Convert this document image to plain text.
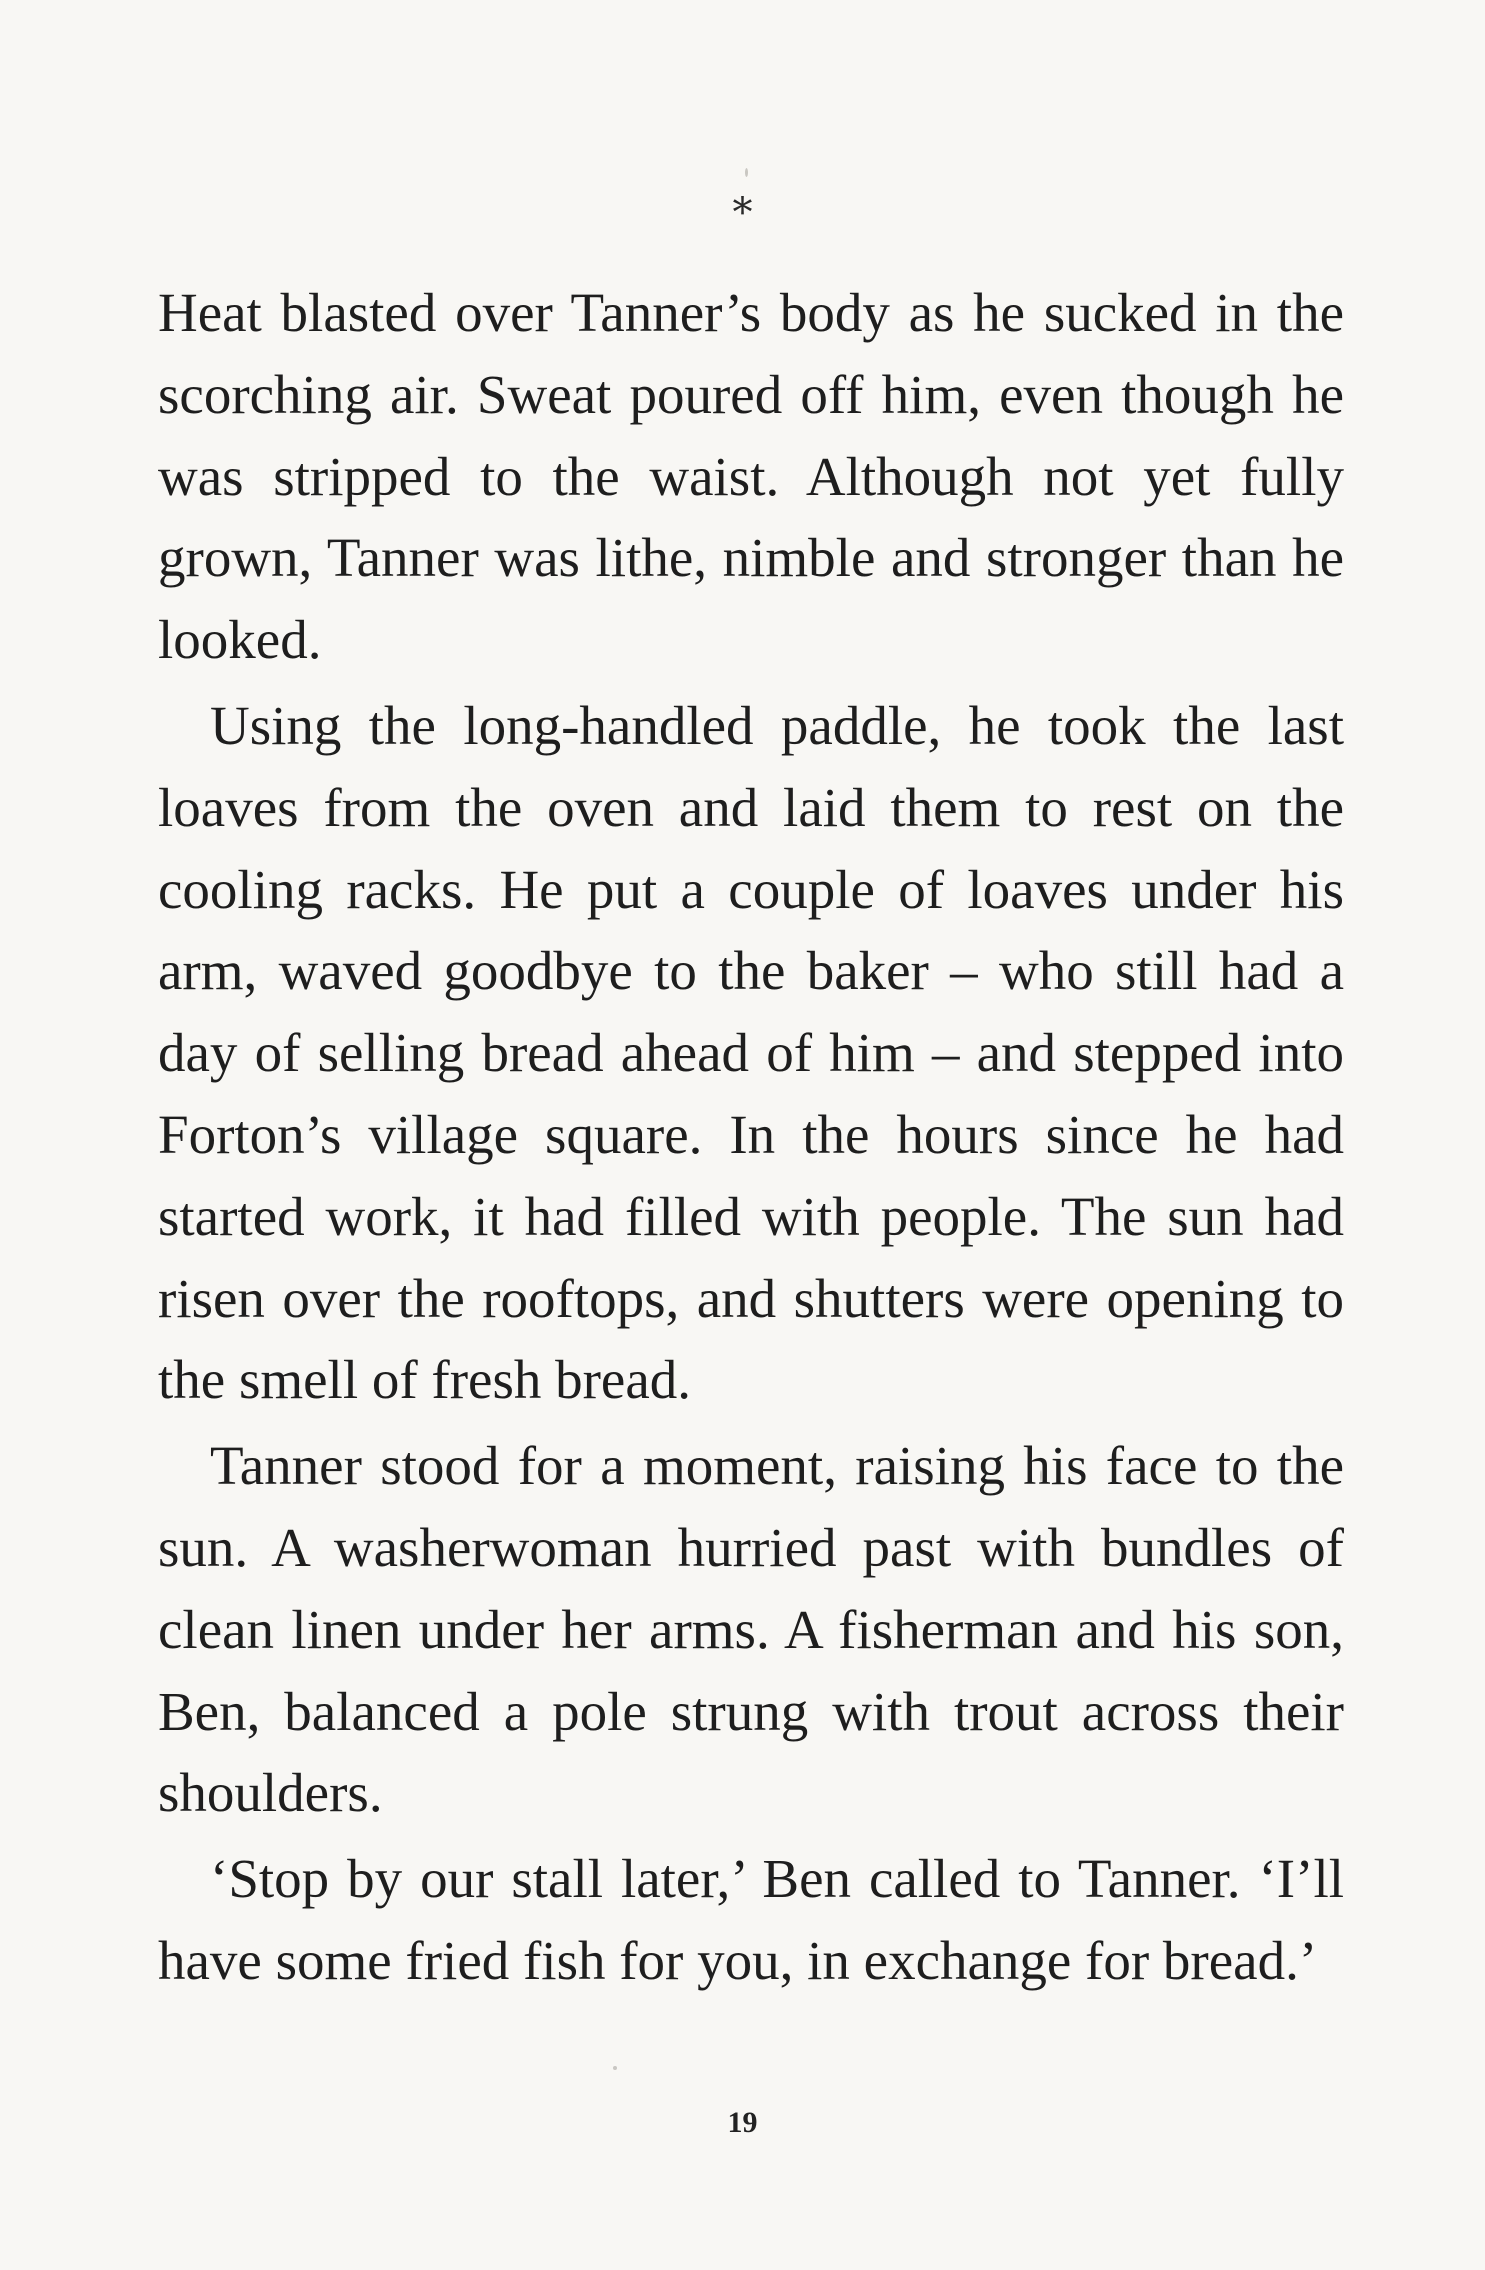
*

Heat blasted over Tanner’s body as he sucked in the scorching air. Sweat poured off him, even though he was stripped to the waist. Although not yet fully grown, Tanner was lithe, nimble and stronger than he looked.

Using the long-handled paddle, he took the last loaves from the oven and laid them to rest on the cooling racks. He put a couple of loaves under his arm, waved goodbye to the baker – who still had a day of selling bread ahead of him – and stepped into Forton’s village square. In the hours since he had started work, it had filled with people. The sun had risen over the rooftops, and shutters were opening to the smell of fresh bread.

Tanner stood for a moment, raising his face to the sun. A washerwoman hurried past with bundles of clean linen under her arms. A fisherman and his son, Ben, balanced a pole strung with trout across their shoulders.

‘Stop by our stall later,’ Ben called to Tanner. ‘I’ll have some fried fish for you, in exchange for bread.’

19
